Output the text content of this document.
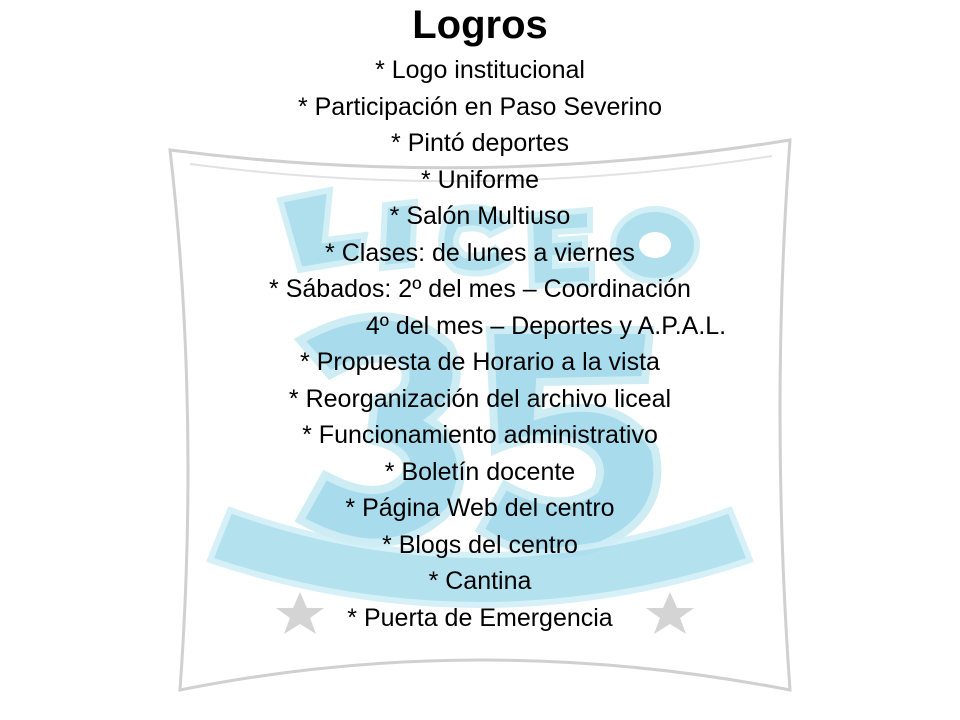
Logros
* Logo institucional
* Participación en Paso Severino
* Pintó deportes
* Uniforme
* Salón Multiuso
* Clases: de lunes a viernes
* Sábados: 2º del mes – Coordinación
4º del mes – Deportes y A.P.A.L.
* Propuesta de Horario a la vista
* Reorganización del archivo liceal
* Funcionamiento administrativo
* Boletín docente
* Página Web del centro
* Blogs del centro
* Cantina
* Puerta de Emergencia
